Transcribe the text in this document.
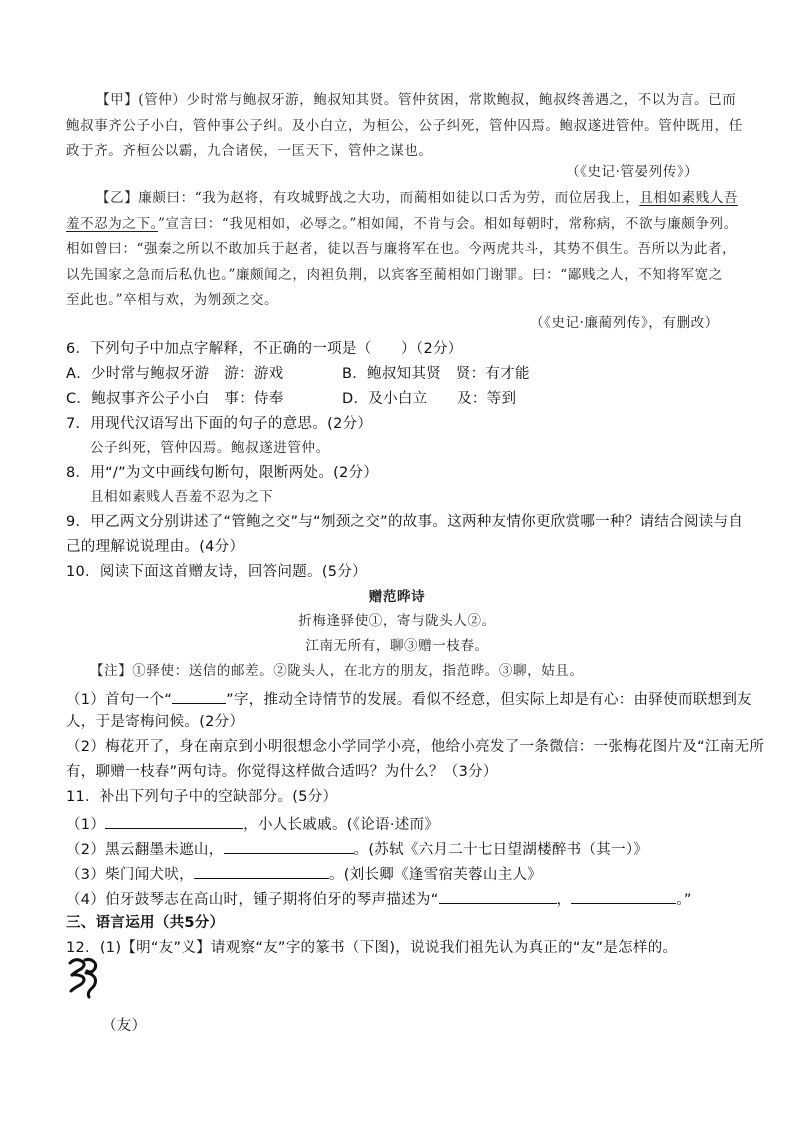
【甲】(管仲）少时常与鲍叔牙游，鲍叔知其贤。管仲贫困，常欺鲍叔，鲍叔终善遇之，不以为言。已而
鲍叔事齐公子小白，管仲事公子纠。及小白立，为桓公，公子纠死，管仲囚焉。鲍叔遂进管仲。管仲既用，任
政于齐。齐桓公以霸，九合诸侯，一匡天下，管仲之谋也。
（《史记·管晏列传》）
【乙】廉颇曰：“我为赵将，有攻城野战之大功，而蔺相如徒以口舌为劳，而位居我上，且相如素贱人吾
羞不忍为之下。”宣言曰：“我见相如，必辱之。”相如闻，不肯与会。相如每朝时，常称病，不欲与廉颇争列。
相如曾曰：“强秦之所以不敢加兵于赵者，徒以吾与廉将军在也。今两虎共斗，其势不俱生。吾所以为此者，
以先国家之急而后私仇也。”廉颇闻之，肉袒负荆，以宾客至蔺相如门谢罪。曰：“鄙贱之人，不知将军宽之
至此也。”卒相与欢，为刎颈之交。
（《史记·廉蔺列传》，有删改）
6．下列句子中加点字解释，不正确的一项是（　　）（2分）
A．少时常与鲍叔牙游　游：游戏	B．鲍叔知其贤　贤：有才能
C．鲍叔事齐公子小白　事：侍奉	D．及小白立　　及：等到
7．用现代汉语写出下面的句子的意思。(2分）
公子纠死，管仲囚焉。鲍叔遂进管仲。
8．用“/”为文中画线句断句，限断两处。(2分）
且相如素贱人吾羞不忍为之下
9．甲乙两文分别讲述了“管鲍之交”与“刎颈之交”的故事。这两种友情你更欣赏哪一种？请结合阅读与自
己的理解说说理由。(4分）
10．阅读下面这首赠友诗，回答问题。(5分）
赠范晔诗
折梅逢驿使①，寄与陇头人②。
江南无所有，聊③赠一枝春。
【注】①驿使：送信的邮差。②陇头人，在北方的朋友，指范晔。③聊，姑且。
（1）首句一个“	”字，推动全诗情节的发展。看似不经意，但实际上却是有心：由驿使而联想到友
人，于是寄梅问候。(2分）
（2）梅花开了，身在南京到小明很想念小学同学小亮，他给小亮发了一条微信：一张梅花图片及“江南无所
有，聊赠一枝春”两句诗。你觉得这样做合适吗？为什么？（3分）
11．补出下列句子中的空缺部分。(5分）
（1）	，小人长戚戚。(《论语·述而》
（2）黑云翻墨未遮山，	。(苏轼《六月二十七日望湖楼醉书（其一）》
（3）柴门闻犬吠，	。(刘长卿《逢雪宿芙蓉山主人》
（4）伯牙鼓琴志在高山时，锺子期将伯牙的琴声描述为“	，	。”
三、语言运用（共5分）
12．(1)【明“友”义】请观察“友”字的篆书（下图)，说说我们祖先认为真正的“友”是怎样的。
（友）
